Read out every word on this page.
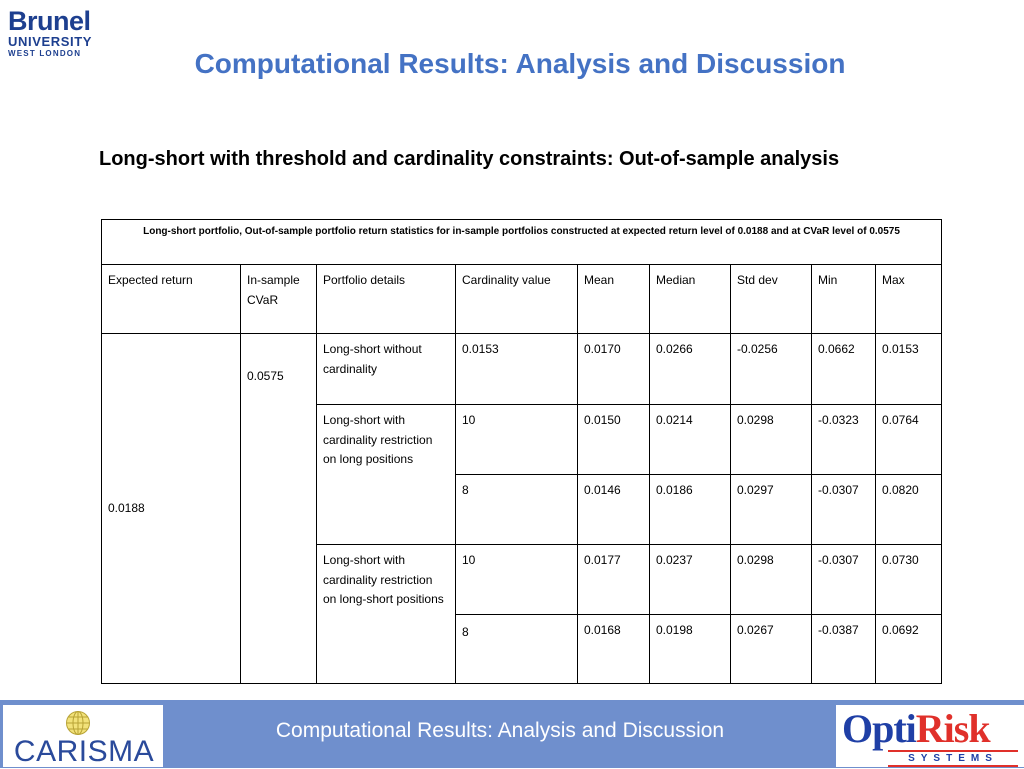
Brunel
UNIVERSITY
WEST LONDON	Computational Results: Analysis and Discussion
Long-short with threshold and cardinality constraints: Out-of-sample analysis
Long-short portfolio, Out-of-sample portfolio return statistics for in-sample portfolios constructed at expected return level of 0.0188 and at CVaR level of 0.0575								
Expected return	In-sample CVaR	Portfolio details	Cardinality value	Mean	Median	Std dev	Min	Max
0.0188	0.0575	Long-short without cardinality	0.0153	0.0170	0.0266	-0.0256	0.0662	0.0153
		Long-short with cardinality restriction on long positions	10	0.0150	0.0214	0.0298	-0.0323	0.0764
			8	0.0146	0.0186	0.0297	-0.0307	0.0820
		Long-short with cardinality restriction on long-short positions	10	0.0177	0.0237	0.0298	-0.0307	0.0730
			8	0.0168	0.0198	0.0267	-0.0387	0.0692
CARISMA
Computational Results: Analysis and Discussion	OptiRisk
SYSTEMS
